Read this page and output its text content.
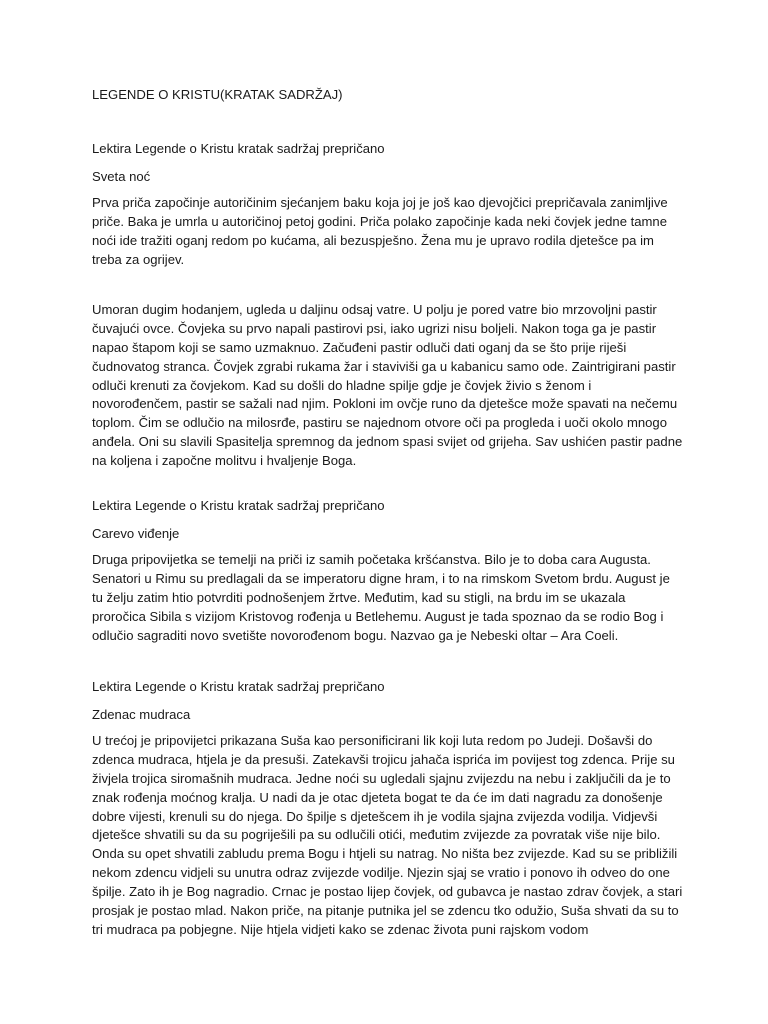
LEGENDE O KRISTU(KRATAK SADRŽAJ)

Lektira Legende o Kristu kratak sadržaj prepričano

Sveta noć

Prva priča započinje autoričinim sjećanjem baku koja joj je još kao djevojčici prepričavala zanimljive
priče. Baka je umrla u autoričinoj petoj godini. Priča polako započinje kada neki čovjek jedne tamne
noći ide tražiti oganj redom po kućama, ali bezuspješno. Žena mu je upravo rodila djetešce pa im
treba za ogrijev.

Umoran dugim hodanjem, ugleda u daljinu odsaj vatre. U polju je pored vatre bio mrzovoljni pastir
čuvajući ovce. Čovjeka su prvo napali pastirovi psi, iako ugrizi nisu boljeli. Nakon toga ga je pastir
napao štapom koji se samo uzmaknuo. Začuđeni pastir odluči dati oganj da se što prije riješi
čudnovatog stranca. Čovjek zgrabi rukama žar i staviviši ga u kabanicu samo ode. Zaintrigirani pastir
odluči krenuti za čovjekom. Kad su došli do hladne spilje gdje je čovjek živio s ženom i
novorođenčem, pastir se sažali nad njim. Pokloni im ovčje runo da djetešce može spavati na nečemu
toplom. Čim se odlučio na milosrđe, pastiru se najednom otvore oči pa progleda i uoči okolo mnogo
anđela. Oni su slavili Spasitelja spremnog da jednom spasi svijet od grijeha. Sav ushićen pastir padne
na koljena i započne molitvu i hvaljenje Boga.

Lektira Legende o Kristu kratak sadržaj prepričano

Carevo viđenje

Druga pripovijetka se temelji na priči iz samih početaka kršćanstva. Bilo je to doba cara Augusta.
Senatori u Rimu su predlagali da se imperatoru digne hram, i to na rimskom Svetom brdu. August je
tu želju zatim htio potvrditi podnošenjem žrtve. Međutim, kad su stigli, na brdu im se ukazala
proročica Sibila s vizijom Kristovog rođenja u Betlehemu. August je tada spoznao da se rodio Bog i
odlučio sagraditi novo svetište novorođenom bogu. Nazvao ga je Nebeski oltar – Ara Coeli.

Lektira Legende o Kristu kratak sadržaj prepričano

Zdenac mudraca

U trećoj je pripovijetci prikazana Suša kao personificirani lik koji luta redom po Judeji. Došavši do
zdenca mudraca, htjela je da presuši. Zatekavši trojicu jahača isprića im povijest tog zdenca. Prije su
živjela trojica siromašnih mudraca. Jedne noći su ugledali sjajnu zvijezdu na nebu i zaključili da je to
znak rođenja moćnog kralja. U nadi da je otac djeteta bogat te da će im dati nagradu za donošenje
dobre vijesti, krenuli su do njega. Do špilje s djetešcem ih je vodila sjajna zvijezda vodilja. Vidjevši
djetešce shvatili su da su pogriješili pa su odlučili otići, međutim zvijezde za povratak više nije bilo.
Onda su opet shvatili zabludu prema Bogu i htjeli su natrag. No ništa bez zvijezde. Kad su se približili
nekom zdencu vidjeli su unutra odraz zvijezde vodilje. Njezin sjaj se vratio i ponovo ih odveo do one
špilje. Zato ih je Bog nagradio. Crnac je postao lijep čovjek, od gubavca je nastao zdrav čovjek, a stari
prosjak je postao mlad. Nakon priče, na pitanje putnika jel se zdencu tko odužio, Suša shvati da su to
tri mudraca pa pobjegne. Nije htjela vidjeti kako se zdenac života puni rajskom vodom
